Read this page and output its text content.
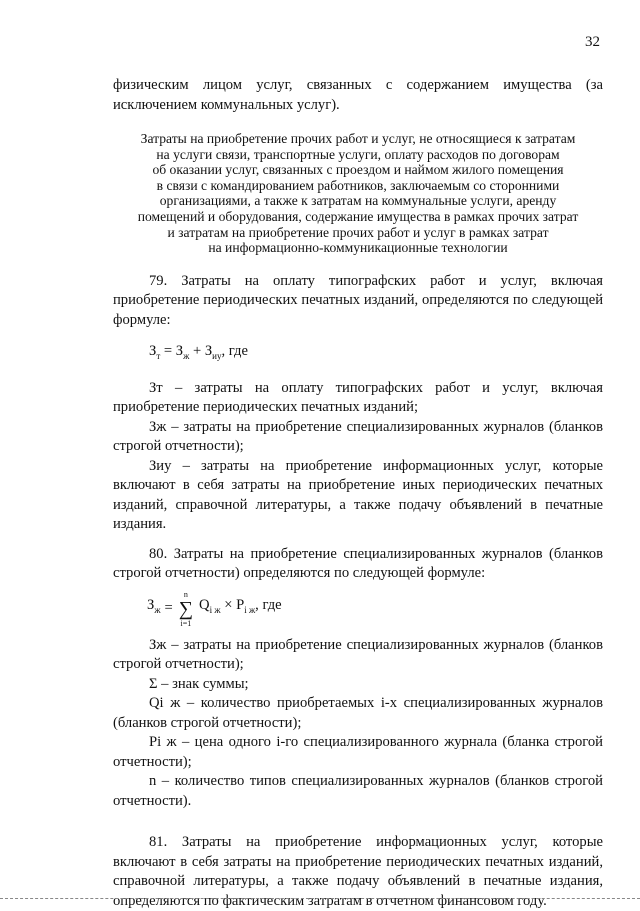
32

физическим лицом услуг, связанных с содержанием имущества (за исключением коммунальных услуг).

Затраты на приобретение прочих работ и услуг, не относящиеся к затратам
на услуги связи, транспортные услуги, оплату расходов по договорам
об оказании услуг, связанных с проездом и наймом жилого помещения
в связи с командированием работников, заключаемым со сторонними
организациями, а также к затратам на коммунальные услуги, аренду
помещений и оборудования, содержание имущества в рамках прочих затрат
и затратам на приобретение прочих работ и услуг в рамках затрат
на информационно-коммуникационные технологии

79. Затраты на оплату типографских работ и услуг, включая приобретение периодических печатных изданий, определяются по следующей формуле:

$З_т = З_ж + З_{иу}$, где

Зт – затраты на оплату типографских работ и услуг, включая приобретение периодических печатных изданий;

Зж – затраты на приобретение специализированных журналов (бланков строгой отчетности);

Зиу – затраты на приобретение информационных услуг, которые включают в себя затраты на приобретение иных периодических печатных изданий, справочной литературы, а также подачу объявлений в печатные издания.

80. Затраты на приобретение специализированных журналов (бланков строгой отчетности) определяются по следующей формуле:

$З_ж$ =
n
∑
i=1
$Q_{i ж} \times P_{i ж}$, где

Зж – затраты на приобретение специализированных журналов (бланков строгой отчетности);

Σ – знак суммы;

Qi ж – количество приобретаемых i-х специализированных журналов (бланков строгой отчетности);

Pi ж – цена одного i-го специализированного журнала (бланка строгой отчетности);

n – количество типов специализированных журналов (бланков строгой отчетности).

81. Затраты на приобретение информационных услуг, которые включают в себя затраты на приобретение периодических печатных изданий, справочной литературы, а также подачу объявлений в печатные издания, определяются по фактическим затратам в отчетном финансовом году.
